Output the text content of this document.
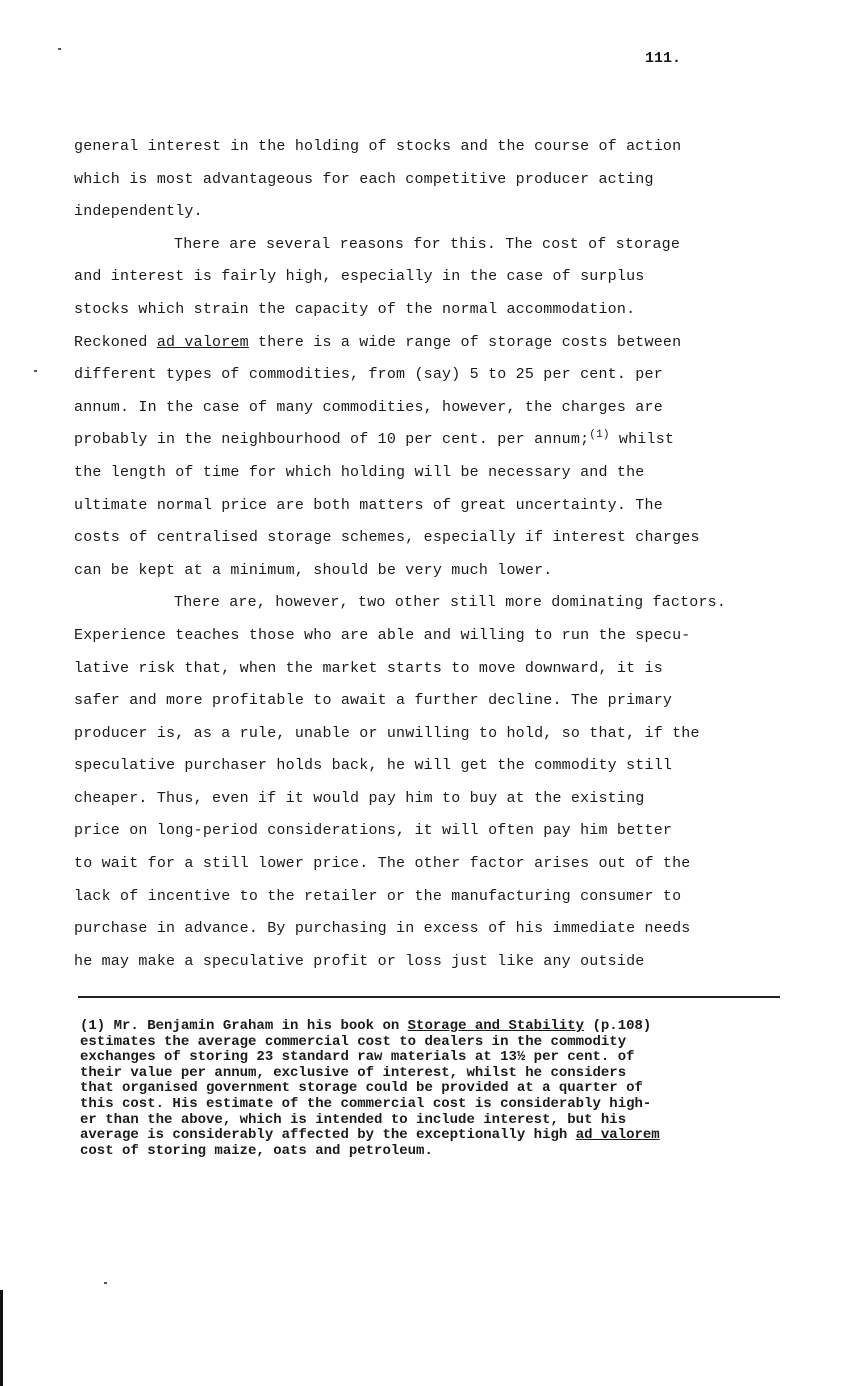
111.
general interest in the holding of stocks and the course of action
which is most advantageous for each competitive producer acting
independently.
There are several reasons for this. The cost of storage
and interest is fairly high, especially in the case of surplus
stocks which strain the capacity of the normal accommodation.
Reckoned ad valorem there is a wide range of storage costs between
different types of commodities, from (say) 5 to 25 per cent. per
annum. In the case of many commodities, however, the charges are
probably in the neighbourhood of 10 per cent. per annum;$^{(1)}$ whilst
the length of time for which holding will be necessary and the
ultimate normal price are both matters of great uncertainty. The
costs of centralised storage schemes, especially if interest charges
can be kept at a minimum, should be very much lower.
There are, however, two other still more dominating factors.
Experience teaches those who are able and willing to run the specu-
lative risk that, when the market starts to move downward, it is
safer and more profitable to await a further decline. The primary
producer is, as a rule, unable or unwilling to hold, so that, if the
speculative purchaser holds back, he will get the commodity still
cheaper. Thus, even if it would pay him to buy at the existing
price on long-period considerations, it will often pay him better
to wait for a still lower price. The other factor arises out of the
lack of incentive to the retailer or the manufacturing consumer to
purchase in advance. By purchasing in excess of his immediate needs
he may make a speculative profit or loss just like any outside
(1) Mr. Benjamin Graham in his book on Storage and Stability (p.108)
estimates the average commercial cost to dealers in the commodity
exchanges of storing 23 standard raw materials at 13½ per cent. of
their value per annum, exclusive of interest, whilst he considers
that organised government storage could be provided at a quarter of
this cost. His estimate of the commercial cost is considerably high-
er than the above, which is intended to include interest, but his
average is considerably affected by the exceptionally high ad valorem
cost of storing maize, oats and petroleum.
